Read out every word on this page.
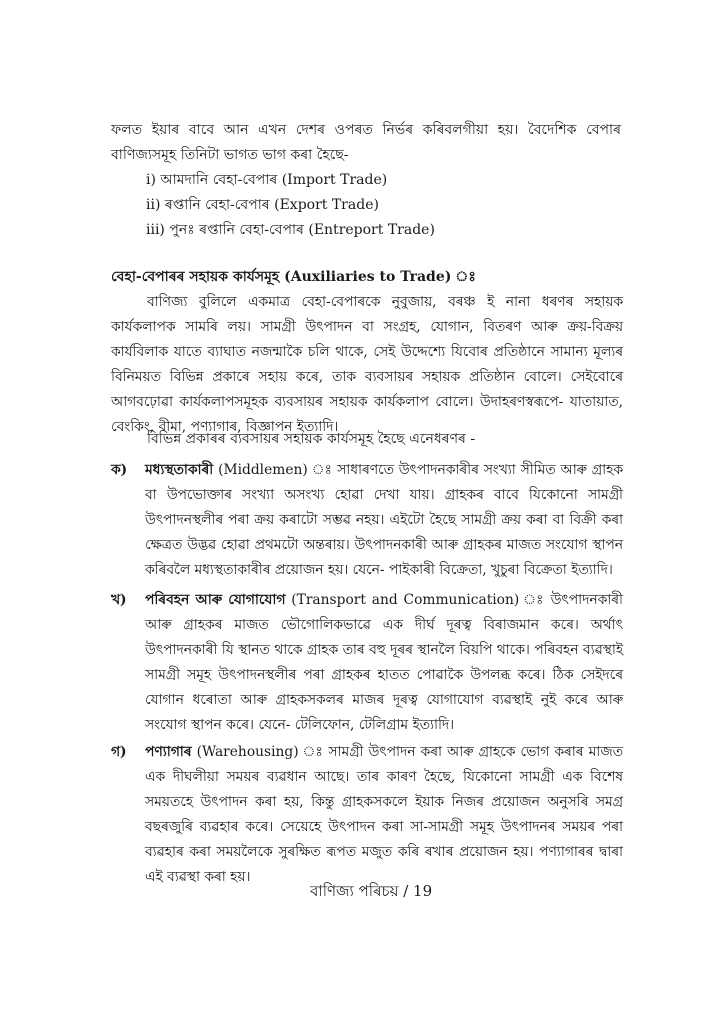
ফলত ইয়াৰ বাবে আন এখন দেশৰ ওপৰত নিৰ্ভৰ কৰিবলগীয়া হয়। বৈদেশিক বেপাৰ বাণিজ্যসমূহ তিনিটা ভাগত ভাগ কৰা হৈছে-
i) আমদানি বেহা-বেপাৰ (Import Trade)
ii) ৰপ্তানি বেহা-বেপাৰ (Export Trade)
iii) পুনঃ ৰপ্তানি বেহা-বেপাৰ (Entreport Trade)
বেহা-বেপাৰৰ সহায়ক কাৰ্যসমূহ (Auxiliaries to Trade) ঃ
বাণিজ্য বুলিলে একমাত্ৰ বেহা-বেপাৰকে নুবুজায়, বৰঞ্চ ই নানা ধৰণৰ সহায়ক কাৰ্যকলাপক সামৰি লয়। সামগ্ৰী উৎপাদন বা সংগ্ৰহ, যোগান, বিতৰণ আৰু ক্ৰয়-বিক্ৰয় কাৰ্যবিলাক যাতে ব্যাঘাত নজন্মাকৈ চলি থাকে, সেই উদ্দেশ্যে যিবোৰ প্ৰতিষ্ঠানে সামান্য মূল্যৰ বিনিময়ত বিভিন্ন প্ৰকাৰে সহায় কৰে, তাক ব্যবসায়ৰ সহায়ক প্ৰতিষ্ঠান বোলে। সেইবোৰে আগবঢ়োৱা কাৰ্যকলাপসমূহক ব্যবসায়ৰ সহায়ক কাৰ্যকলাপ বোলে। উদাহৰণস্বৰূপে- যাতায়াত, বেংকিং, বীমা, পণ্যাগাৰ, বিজ্ঞাপন ইত্যাদি।
বিভিন্ন প্ৰকাৰৰ ব্যবসায়ৰ সহায়ক কাৰ্যসমূহ হৈছে এনেধৰণৰ -
ক)	মধ্যস্থতাকাৰী (Middlemen) ঃ সাধাৰণতে উৎপাদনকাৰীৰ সংখ্যা সীমিত আৰু গ্ৰাহক বা উপভোক্তাৰ সংখ্যা অসংখ্য হোৱা দেখা যায়। গ্ৰাহকৰ বাবে যিকোনো সামগ্ৰী উৎপাদনস্থলীৰ পৰা ক্ৰয় কৰাটো সম্ভৱ নহয়। এইটো হৈছে সামগ্ৰী ক্ৰয় কৰা বা বিক্ৰী কৰা ক্ষেত্ৰত উদ্ভৱ হোৱা প্ৰথমটো অন্তৰায়। উৎপাদনকাৰী আৰু গ্ৰাহকৰ মাজত সংযোগ স্থাপন কৰিবলৈ মধ্যস্থতাকাৰীৰ প্ৰয়োজন হয়। যেনে- পাইকাৰী বিক্ৰেতা, খুচুৰা বিক্ৰেতা ইত্যাদি।
খ)	পৰিবহন আৰু যোগাযোগ (Transport and Communication) ঃ উৎপাদনকাৰী আৰু গ্ৰাহকৰ মাজত ভৌগোলিকভাৱে এক দীৰ্ঘ দূৰত্ব বিৰাজমান কৰে। অৰ্থাৎ উৎপাদনকাৰী যি স্থানত থাকে গ্ৰাহক তাৰ বহু দূৰৰ স্থানলৈ বিয়পি থাকে। পৰিবহন ব্যৱস্থাই সামগ্ৰী সমূহ উৎপাদনস্থলীৰ পৰা গ্ৰাহকৰ হাতত পোৱাকৈ উপলব্ধ কৰে। ঠিক সেইদৰে যোগান ধৰোতা আৰু গ্ৰাহকসকলৰ মাজৰ দূৰত্ব যোগাযোগ ব্যৱস্থাই নুই কৰে আৰু সংযোগ স্থাপন কৰে। যেনে- টেলিফোন, টেলিগ্ৰাম ইত্যাদি।
গ)	পণ্যাগাৰ (Warehousing) ঃ সামগ্ৰী উৎপাদন কৰা আৰু গ্ৰাহকে ভোগ কৰাৰ মাজত এক দীঘলীয়া সময়ৰ ব্যৱধান আছে। তাৰ কাৰণ হৈছে, যিকোনো সামগ্ৰী এক বিশেষ সময়তহে উৎপাদন কৰা হয়, কিন্তু গ্ৰাহকসকলে ইয়াক নিজৰ প্ৰয়োজন অনুসৰি সমগ্ৰ বছৰজুৰি ব্যৱহাৰ কৰে। সেয়েহে উৎপাদন কৰা সা-সামগ্ৰী সমূহ উৎপাদনৰ সময়ৰ পৰা ব্যৱহাৰ কৰা সময়লৈকে সুৰক্ষিত ৰূপত মজুত কৰি ৰখাৰ প্ৰয়োজন হয়। পণ্যাগাৰৰ দ্বাৰা এই ব্যৱস্থা কৰা হয়।
বাণিজ্য পৰিচয় / 19
